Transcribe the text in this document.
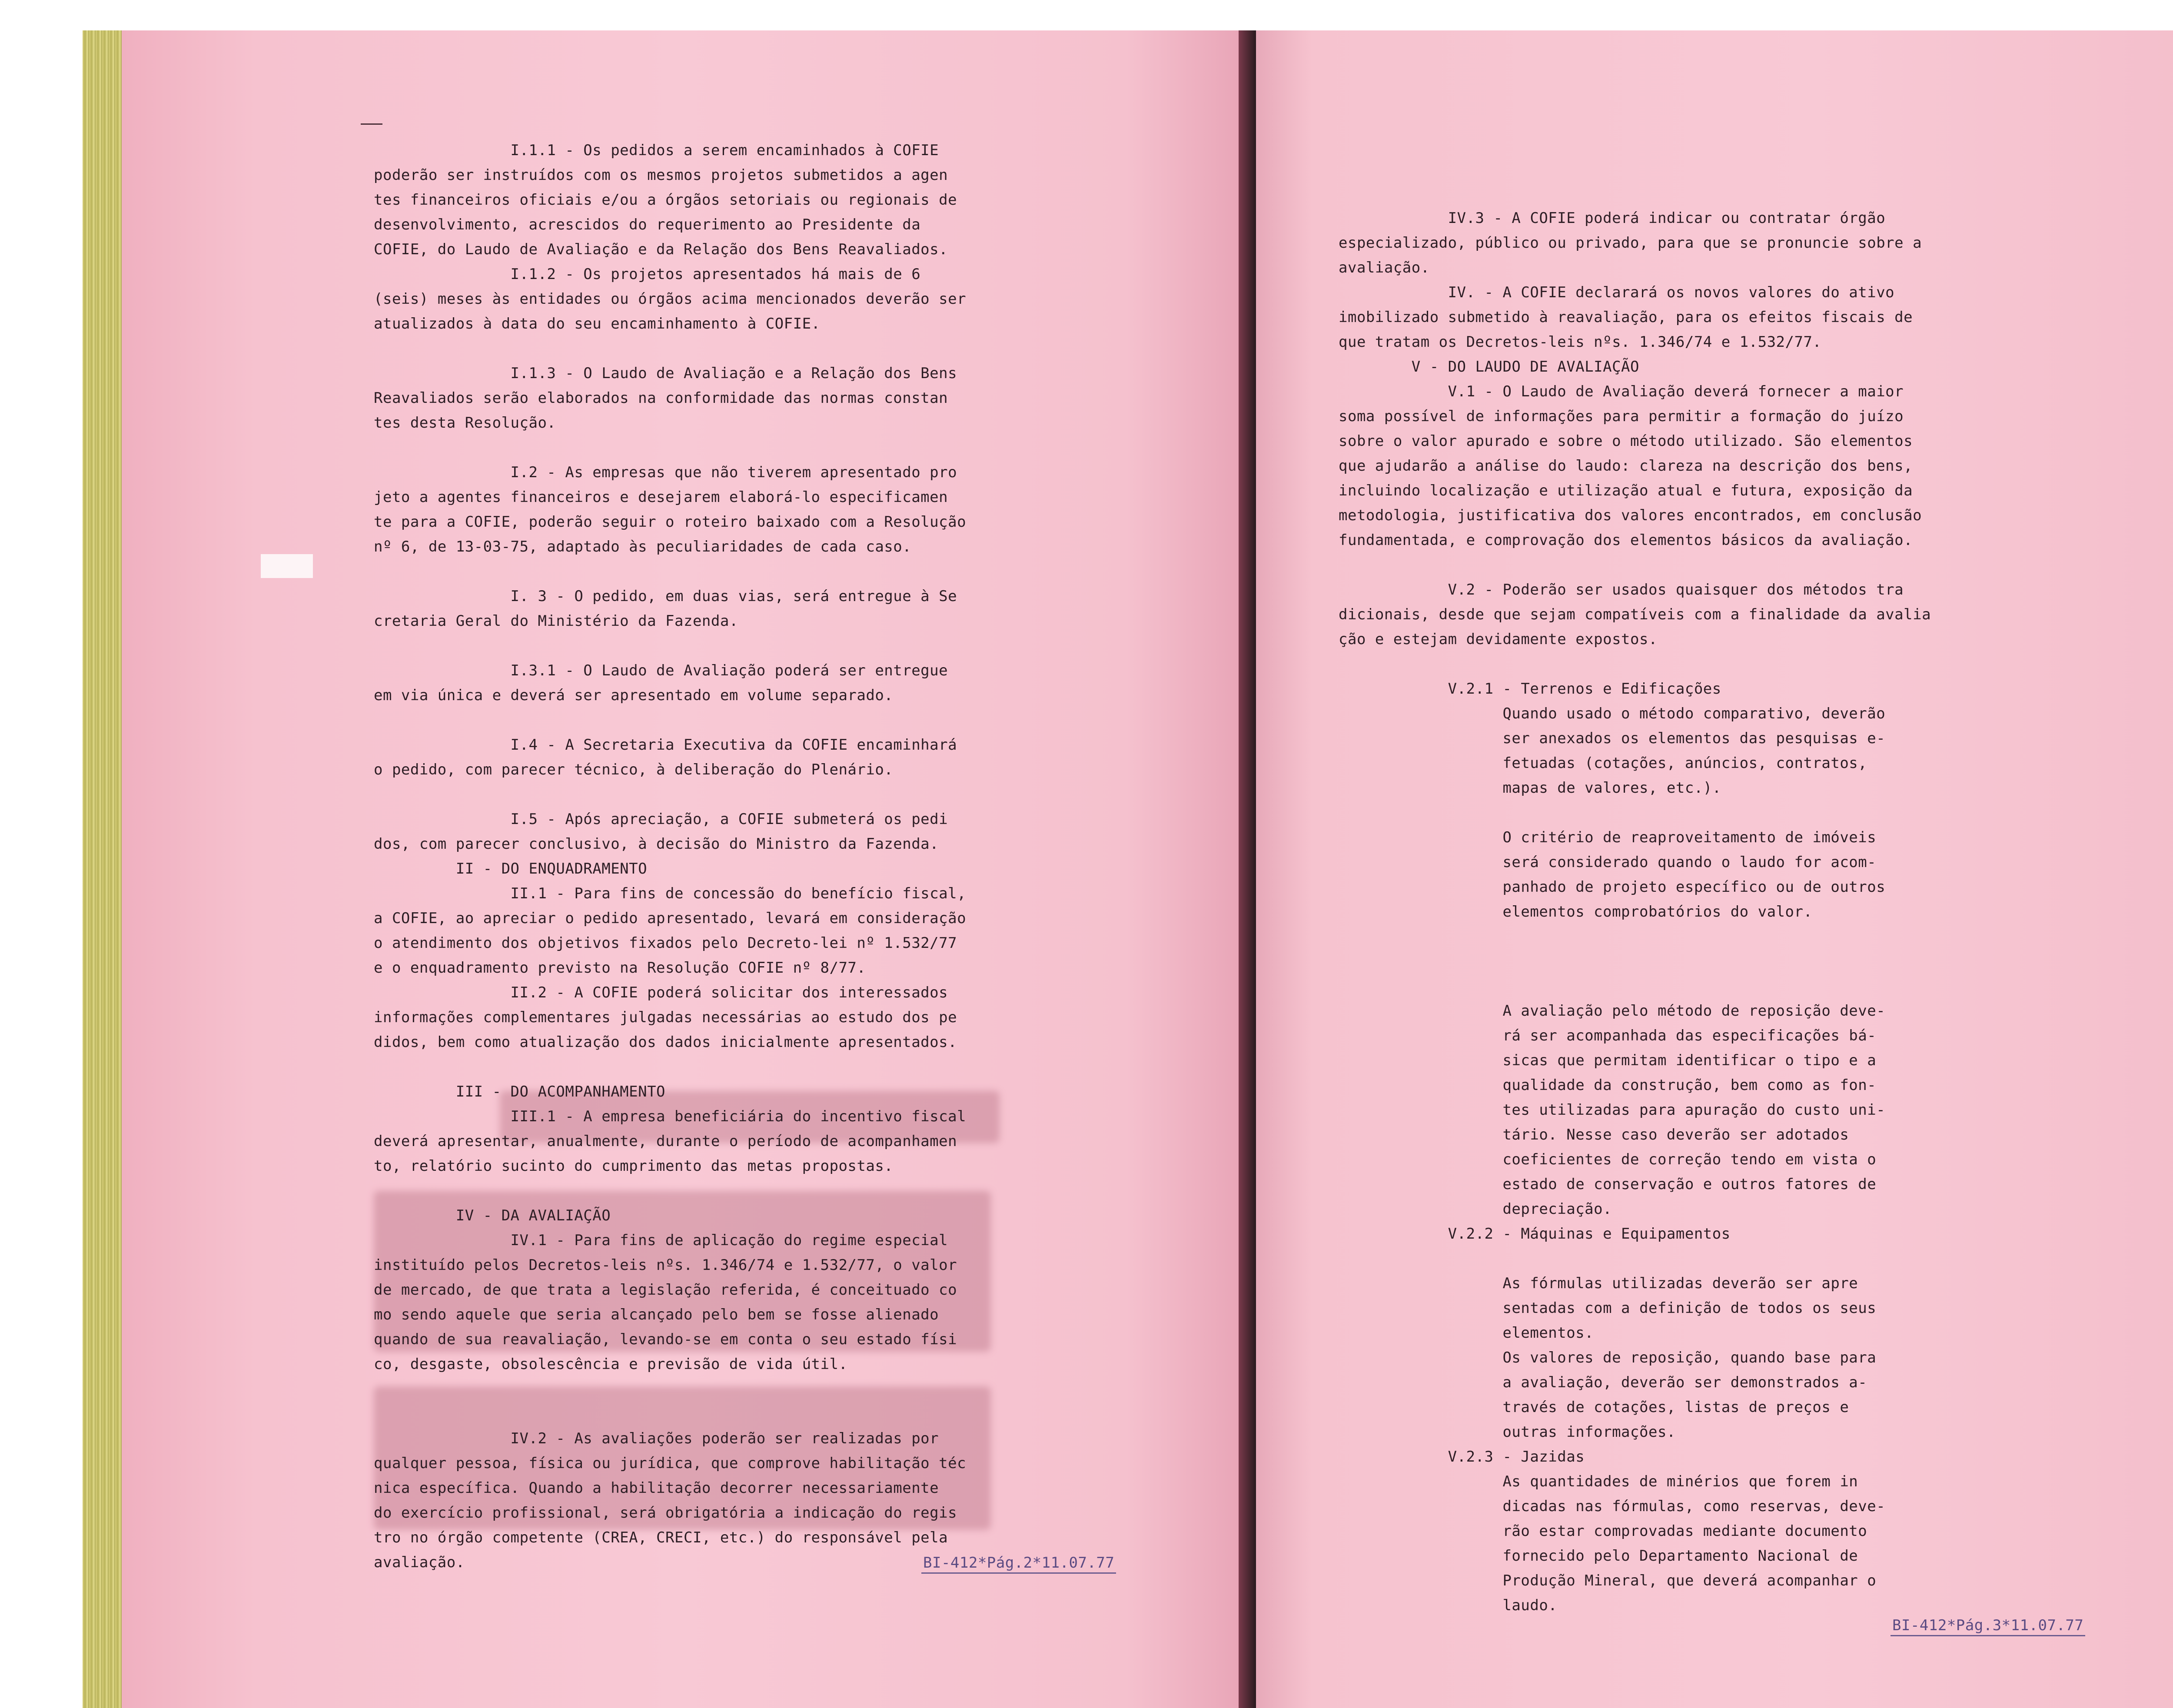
I.1.1 - Os pedidos a serem encaminhados à COFIE
poderão ser instruídos com os mesmos projetos submetidos a agen
tes financeiros oficiais e/ou a órgãos setoriais ou regionais de
desenvolvimento, acrescidos do requerimento ao Presidente da
COFIE, do Laudo de Avaliação e da Relação dos Bens Reavaliados.
I.1.2 - Os projetos apresentados há mais de 6
(seis) meses às entidades ou órgãos acima mencionados deverão ser
atualizados à data do seu encaminhamento à COFIE.
I.1.3 - O Laudo de Avaliação e a Relação dos Bens
Reavaliados serão elaborados na conformidade das normas constan
tes desta Resolução.
I.2 - As empresas que não tiverem apresentado pro
jeto a agentes financeiros e desejarem elaborá-lo especificamen
te para a COFIE, poderão seguir o roteiro baixado com a Resolução
nº 6, de 13-03-75, adaptado às peculiaridades de cada caso.
I. 3 - O pedido, em duas vias, será entregue à Se
cretaria Geral do Ministério da Fazenda.
I.3.1 - O Laudo de Avaliação poderá ser entregue
em via única e deverá ser apresentado em volume separado.
I.4 - A Secretaria Executiva da COFIE encaminhará
o pedido, com parecer técnico, à deliberação do Plenário.
I.5 - Após apreciação, a COFIE submeterá os pedi
dos, com parecer conclusivo, à decisão do Ministro da Fazenda.
II - DO ENQUADRAMENTO
II.1 - Para fins de concessão do benefício fiscal,
a COFIE, ao apreciar o pedido apresentado, levará em consideração
o atendimento dos objetivos fixados pelo Decreto-lei nº 1.532/77
e o enquadramento previsto na Resolução COFIE nº 8/77.
II.2 - A COFIE poderá solicitar dos interessados
informações complementares julgadas necessárias ao estudo dos pe
didos, bem como atualização dos dados inicialmente apresentados.
III - DO ACOMPANHAMENTO
III.1 - A empresa beneficiária do incentivo fiscal
deverá apresentar, anualmente, durante o período de acompanhamen
to, relatório sucinto do cumprimento das metas propostas.
IV - DA AVALIAÇÃO
IV.1 - Para fins de aplicação do regime especial
instituído pelos Decretos-leis nºs. 1.346/74 e 1.532/77, o valor
de mercado, de que trata a legislação referida, é conceituado co
mo sendo aquele que seria alcançado pelo bem se fosse alienado
quando de sua reavaliação, levando-se em conta o seu estado físi
co, desgaste, obsolescência e previsão de vida útil.
IV.2 - As avaliações poderão ser realizadas por
qualquer pessoa, física ou jurídica, que comprove habilitação téc
nica específica. Quando a habilitação decorrer necessariamente
do exercício profissional, será obrigatória a indicação do regis
tro no órgão competente (CREA, CRECI, etc.) do responsável pela
avaliação.
IV.3 - A COFIE poderá indicar ou contratar órgão
especializado, público ou privado, para que se pronuncie sobre a
avaliação.
IV. - A COFIE declarará os novos valores do ativo
imobilizado submetido à reavaliação, para os efeitos fiscais de
que tratam os Decretos-leis nºs. 1.346/74 e 1.532/77.
V - DO LAUDO DE AVALIAÇÃO
V.1 - O Laudo de Avaliação deverá fornecer a maior
soma possível de informações para permitir a formação do juízo
sobre o valor apurado e sobre o método utilizado. São elementos
que ajudarão a análise do laudo: clareza na descrição dos bens,
incluindo localização e utilização atual e futura, exposição da
metodologia, justificativa dos valores encontrados, em conclusão
fundamentada, e comprovação dos elementos básicos da avaliação.
V.2 - Poderão ser usados quaisquer dos métodos tra
dicionais, desde que sejam compatíveis com a finalidade da avalia
ção e estejam devidamente expostos.
V.2.1 - Terrenos e Edificações
Quando usado o método comparativo, deverão
ser anexados os elementos das pesquisas e-
fetuadas (cotações, anúncios, contratos,
mapas de valores, etc.).
O critério de reaproveitamento de imóveis
será considerado quando o laudo for acom-
panhado de projeto específico ou de outros
elementos comprobatórios do valor.
A avaliação pelo método de reposição deve-
rá ser acompanhada das especificações bá-
sicas que permitam identificar o tipo e a
qualidade da construção, bem como as fon-
tes utilizadas para apuração do custo uni-
tário. Nesse caso deverão ser adotados
coeficientes de correção tendo em vista o
estado de conservação e outros fatores de
depreciação.
V.2.2 - Máquinas e Equipamentos
As fórmulas utilizadas deverão ser apre
sentadas com a definição de todos os seus
elementos.
Os valores de reposição, quando base para
a avaliação, deverão ser demonstrados a-
través de cotações, listas de preços e
outras informações.
V.2.3 - Jazidas
As quantidades de minérios que forem in
dicadas nas fórmulas, como reservas, deve-
rão estar comprovadas mediante documento
fornecido pelo Departamento Nacional de
Produção Mineral, que deverá acompanhar o
laudo.
BI-412*Pág.2*11.07.77
BI-412*Pág.3*11.07.77
